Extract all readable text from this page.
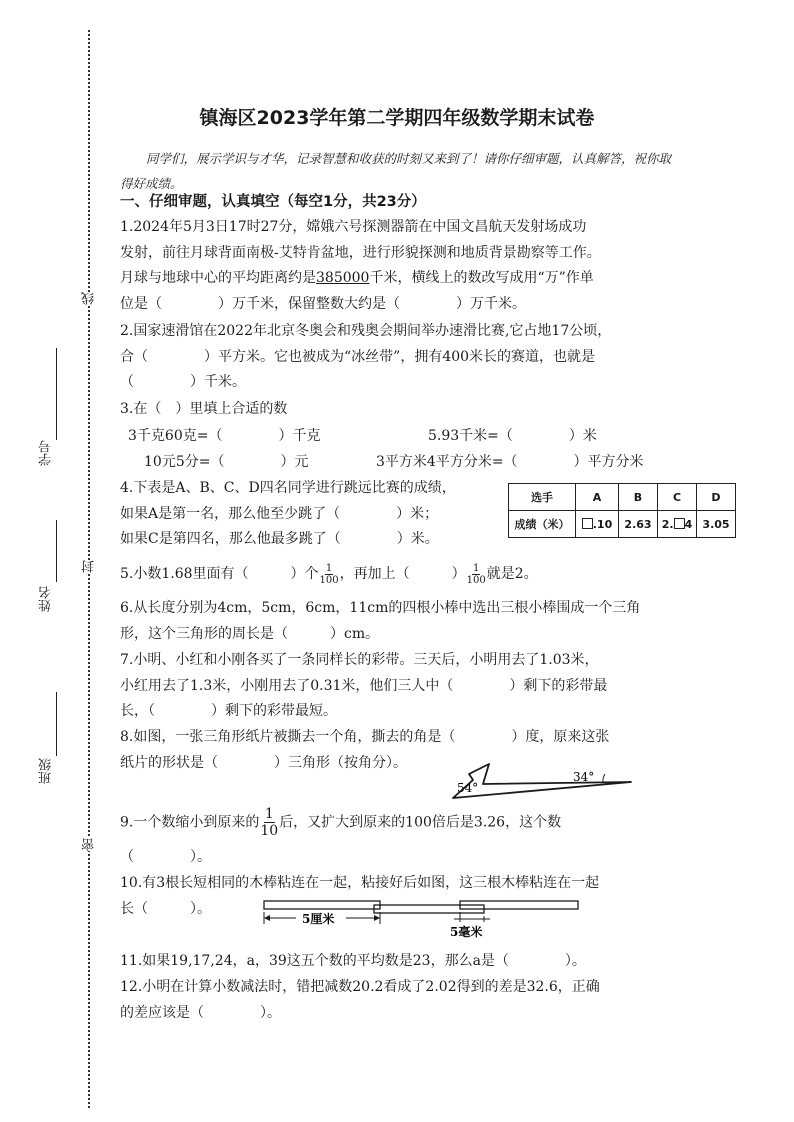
线
封
密
学号
姓名
班级
镇海区2023学年第二学期四年级数学期末试卷
同学们，展示学识与才华，记录智慧和收获的时刻又来到了！请你仔细审题，认真解答，祝你取得好成绩。
一、仔细审题，认真填空（每空1分，共23分）
1.2024年5月3日17时27分，嫦娥六号探测器箭在中国文昌航天发射场成功
发射，前往月球背面南极-艾特肯盆地，进行形貌探测和地质背景勘察等工作。
月球与地球中心的平均距离约是385000千米，横线上的数改写成用“万”作单
位是（　　　　）万千米，保留整数大约是（　　　　）万千米。
2.国家速滑馆在2022年北京冬奥会和残奥会期间举办速滑比赛,它占地17公顷，
合（　　　　）平方米。它也被成为“冰丝带”，拥有400米长的赛道，也就是
（　　　　）千米。
3.在（　）里填上合适的数
3千克60克=（　　　　）千克	5.93千米=（　　　　）米
10元5分=（　　　　）元	3平方米4平方分米=（　　　　）平方分米
4.下表是A、B、C、D四名同学进行跳远比赛的成绩，
如果A是第一名，那么他至少跳了（　　　　）米；
如果C是第四名，那么他最多跳了（　　　　）米。
选手	A	B	C	D
成绩（米）	.10	2.63	2. 4	3.05
5.小数1.68里面有（　　　）个 $\frac{1}{100}$ ，再加上（　　　） $\frac{1}{100}$ 就是2。
6.从长度分别为4cm，5cm，6cm，11cm的四根小棒中选出三根小棒围成一个三角
形，这个三角形的周长是（　　　）cm。
7.小明、小红和小刚各买了一条同样长的彩带。三天后，小明用去了1.03米，
小红用去了1.3米，小刚用去了0.31米，他们三人中（　　　　）剩下的彩带最
长，（　　　　）剩下的彩带最短。
8.如图，一张三角形纸片被撕去一个角，撕去的角是（　　　　）度，原来这张
纸片的形状是（　　　　）三角形（按角分）。
54°
34°
9.一个数缩小到原来的 $\frac{1}{10}$ 后，又扩大到原来的100倍后是3.26，这个数
（　　　　）。
10.有3根长短相同的木棒粘连在一起，粘接好后如图，这三根木棒粘连在一起
长（　　　）。
5厘米
5毫米
11.如果19,17,24，a，39这五个数的平均数是23，那么a是（　　　　）。
12.小明在计算小数减法时，错把减数20.2看成了2.02得到的差是32.6，正确
的差应该是（　　　　）。
